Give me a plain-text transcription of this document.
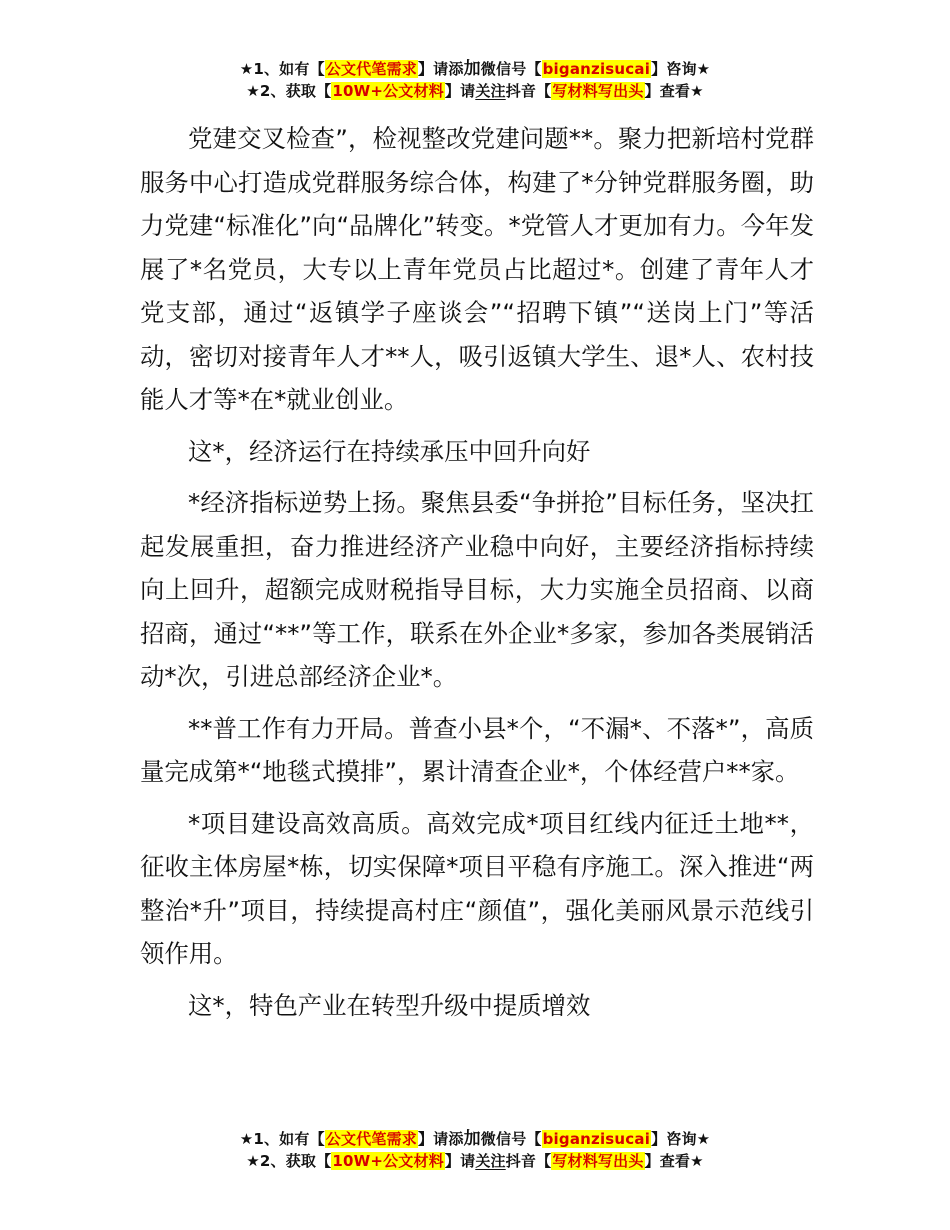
★1、如有【公文代笔需求】请添加微信号【biganzisucai】咨询★
★2、获取【10W+公文材料】请关注抖音【写材料写出头】查看★

党建交叉检查”，检视整改党建问题**。聚力把新培村党群服务中心打造成党群服务综合体，构建了*分钟党群服务圈，助力党建“标准化”向“品牌化”转变。*党管人才更加有力。今年发展了*名党员，大专以上青年党员占比超过*。创建了青年人才党支部，通过“返镇学子座谈会”“招聘下镇”“送岗上门”等活动，密切对接青年人才**人，吸引返镇大学生、退*人、农村技能人才等*在*就业创业。

这*，经济运行在持续承压中回升向好

*经济指标逆势上扬。聚焦县委“争拼抢”目标任务，坚决扛起发展重担，奋力推进经济产业稳中向好，主要经济指标持续向上回升，超额完成财税指导目标，大力实施全员招商、以商招商，通过“**”等工作，联系在外企业*多家，参加各类展销活动*次，引进总部经济企业*。

**普工作有力开局。普查小县*个，“不漏*、不落*”，高质量完成第*“地毯式摸排”，累计清查企业*，个体经营户**家。

*项目建设高效高质。高效完成*项目红线内征迁土地**，征收主体房屋*栋，切实保障*项目平稳有序施工。深入推进“两整治*升”项目，持续提高村庄“颜值”，强化美丽风景示范线引领作用。

这*，特色产业在转型升级中提质增效

★1、如有【公文代笔需求】请添加微信号【biganzisucai】咨询★
★2、获取【10W+公文材料】请关注抖音【写材料写出头】查看★
